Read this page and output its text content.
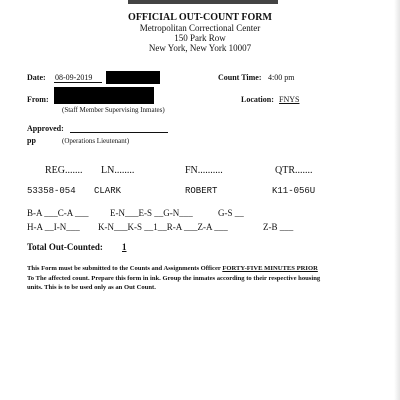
OFFICIAL OUT-COUNT FORM
Metropolitan Correctional Center
150 Park Row
New York, New York 10007
Date: 08-09-2019	Count Time: 4:00 pm
From:
(Staff Member Supervising Inmates)
Location: FNYS
Approved:
pp	(Operations Lieutenant)
REG....... LN........	FN..........	QTR.......
53358-054 CLARK	ROBERT	K11-056U
B-A ___C-A ___ E-N___E-S __G-N___	G-S __
H-A __I-N___ K-N___K-S __1__R-A ___Z-A ___	Z-B ___
Total Out-Counted:	1
This Form must be submitted to the Counts and Assignments Officer FORTY-FIVE MINUTES PRIOR
To The affected count. Prepare this form in ink. Group the inmates according to their respective housing
units. This is to be used only as an Out Count.
